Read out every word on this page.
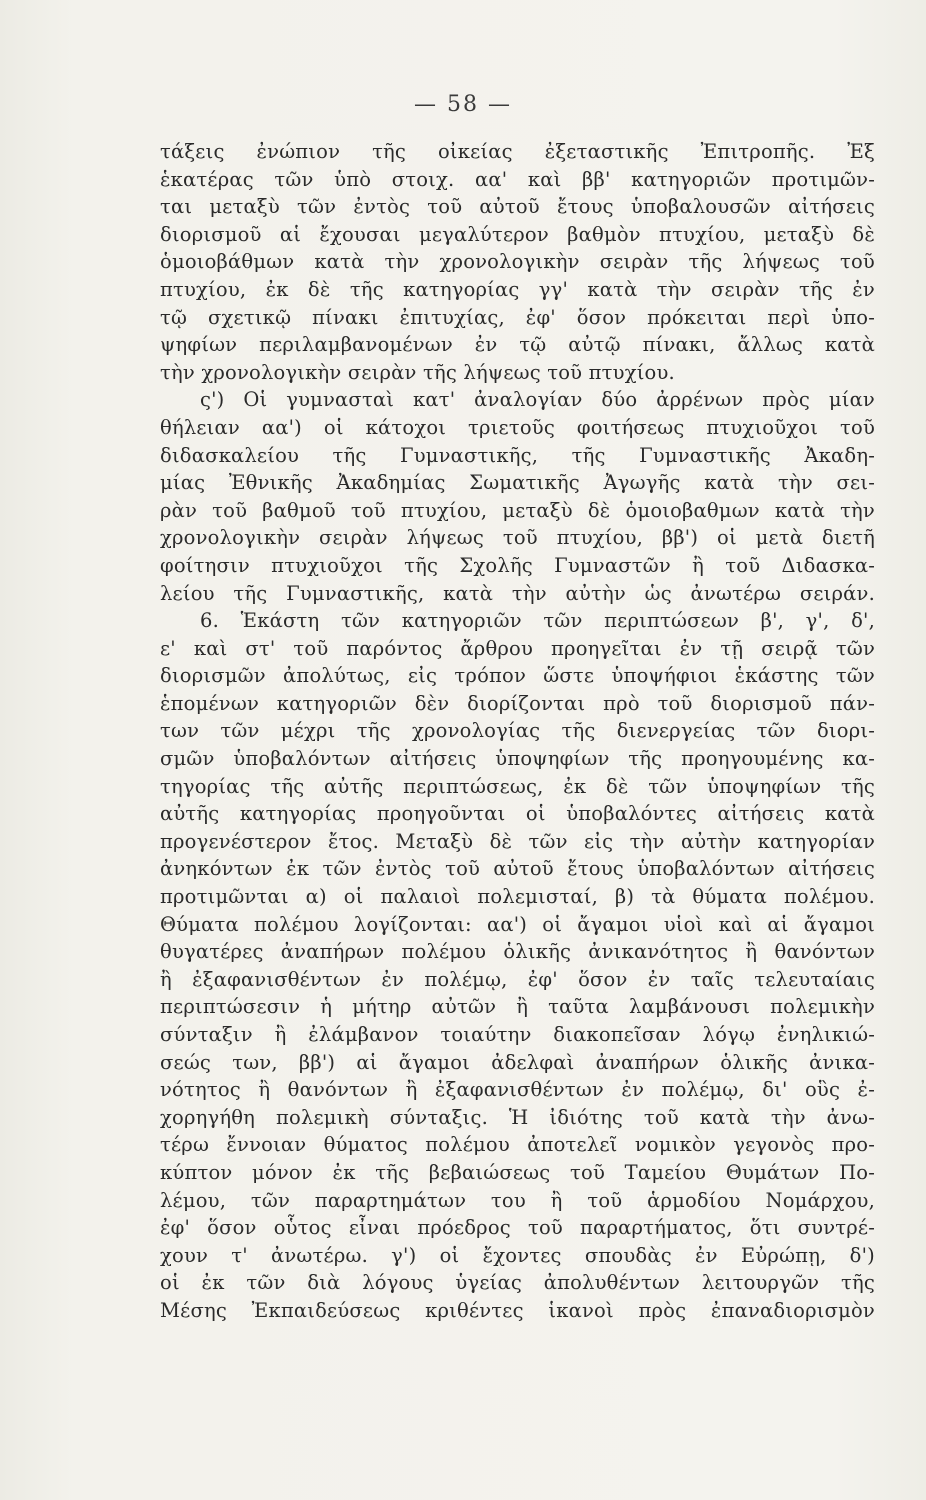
— 58 —
τάξεις ἐνώπιον τῆς οἰκείας ἐξεταστικῆς Ἐπιτροπῆς. Ἐξ
ἑκατέρας τῶν ὑπὸ στοιχ. αα' καὶ ββ' κατηγοριῶν προτιμῶν-
ται μεταξὺ τῶν ἐντὸς τοῦ αὐτοῦ ἔτους ὑποβαλουσῶν αἰτήσεις
διορισμοῦ αἱ ἔχουσαι μεγαλύτερον βαθμὸν πτυχίου, μεταξὺ δὲ
ὁμοιοβάθμων κατὰ τὴν χρονολογικὴν σειρὰν τῆς λήψεως τοῦ
πτυχίου, ἐκ δὲ τῆς κατηγορίας γγ' κατὰ τὴν σειρὰν τῆς ἐν
τῷ σχετικῷ πίνακι ἐπιτυχίας, ἐφ' ὅσον πρόκειται περὶ ὑπο-
ψηφίων περιλαμβανομένων ἐν τῷ αὐτῷ πίνακι, ἄλλως κατὰ
τὴν χρονολογικὴν σειρὰν τῆς λήψεως τοῦ πτυχίου.
ς') Οἱ γυμνασταὶ κατ' ἀναλογίαν δύο ἀρρένων πρὸς μίαν
θήλειαν αα') οἱ κάτοχοι τριετοῦς φοιτήσεως πτυχιοῦχοι τοῦ
διδασκαλείου τῆς Γυμναστικῆς, τῆς Γυμναστικῆς Ἀκαδη-
μίας Ἐθνικῆς Ἀκαδημίας Σωματικῆς Ἀγωγῆς κατὰ τὴν σει-
ρὰν τοῦ βαθμοῦ τοῦ πτυχίου, μεταξὺ δὲ ὁμοιοβαθμων κατὰ τὴν
χρονολογικὴν σειρὰν λήψεως τοῦ πτυχίου, ββ') οἱ μετὰ διετῆ
φοίτησιν πτυχιοῦχοι τῆς Σχολῆς Γυμναστῶν ἢ τοῦ Διδασκα-
λείου τῆς Γυμναστικῆς, κατὰ τὴν αὐτὴν ὡς ἀνωτέρω σειράν.
6. Ἑκάστη τῶν κατηγοριῶν τῶν περιπτώσεων β', γ', δ',
ε' καὶ στ' τοῦ παρόντος ἄρθρου προηγεῖται ἐν τῇ σειρᾷ τῶν
διορισμῶν ἀπολύτως, εἰς τρόπον ὥστε ὑποψήφιοι ἑκάστης τῶν
ἑπομένων κατηγοριῶν δὲν διορίζονται πρὸ τοῦ διορισμοῦ πάν-
των τῶν μέχρι τῆς χρονολογίας τῆς διενεργείας τῶν διορι-
σμῶν ὑποβαλόντων αἰτήσεις ὑποψηφίων τῆς προηγουμένης κα-
τηγορίας τῆς αὐτῆς περιπτώσεως, ἐκ δὲ τῶν ὑποψηφίων τῆς
αὐτῆς κατηγορίας προηγοῦνται οἱ ὑποβαλόντες αἰτήσεις κατὰ
προγενέστερον ἔτος. Μεταξὺ δὲ τῶν εἰς τὴν αὐτὴν κατηγορίαν
ἀνηκόντων ἐκ τῶν ἐντὸς τοῦ αὐτοῦ ἔτους ὑποβαλόντων αἰτήσεις
προτιμῶνται α) οἱ παλαιοὶ πολεμισταί, β) τὰ θύματα πολέμου.
Θύματα πολέμου λογίζονται: αα') οἱ ἄγαμοι υἱοὶ καὶ αἱ ἄγαμοι
θυγατέρες ἀναπήρων πολέμου ὁλικῆς ἀνικανότητος ἢ θανόντων
ἢ ἐξαφανισθέντων ἐν πολέμῳ, ἐφ' ὅσον ἐν ταῖς τελευταίαις
περιπτώσεσιν ἡ μήτηρ αὐτῶν ἢ ταῦτα λαμβάνουσι πολεμικὴν
σύνταξιν ἢ ἐλάμβανον τοιαύτην διακοπεῖσαν λόγῳ ἐνηλικιώ-
σεώς των, ββ') αἱ ἄγαμοι ἀδελφαὶ ἀναπήρων ὁλικῆς ἀνικα-
νότητος ἢ θανόντων ἢ ἐξαφανισθέντων ἐν πολέμῳ, δι' οὓς ἐ-
χορηγήθη πολεμικὴ σύνταξις. Ἡ ἰδιότης τοῦ κατὰ τὴν ἀνω-
τέρω ἔννοιαν θύματος πολέμου ἀποτελεῖ νομικὸν γεγονὸς προ-
κύπτον μόνον ἐκ τῆς βεβαιώσεως τοῦ Ταμείου Θυμάτων Πο-
λέμου, τῶν παραρτημάτων του ἢ τοῦ ἁρμοδίου Νομάρχου,
ἐφ' ὅσον οὗτος εἶναι πρόεδρος τοῦ παραρτήματος, ὅτι συντρέ-
χουν τ' ἀνωτέρω. γ') οἱ ἔχοντες σπουδὰς ἐν Εὐρώπῃ, δ')
οἱ ἐκ τῶν διὰ λόγους ὑγείας ἀπολυθέντων λειτουργῶν τῆς
Μέσης Ἐκπαιδεύσεως κριθέντες ἱκανοὶ πρὸς ἐπαναδιορισμὸν
